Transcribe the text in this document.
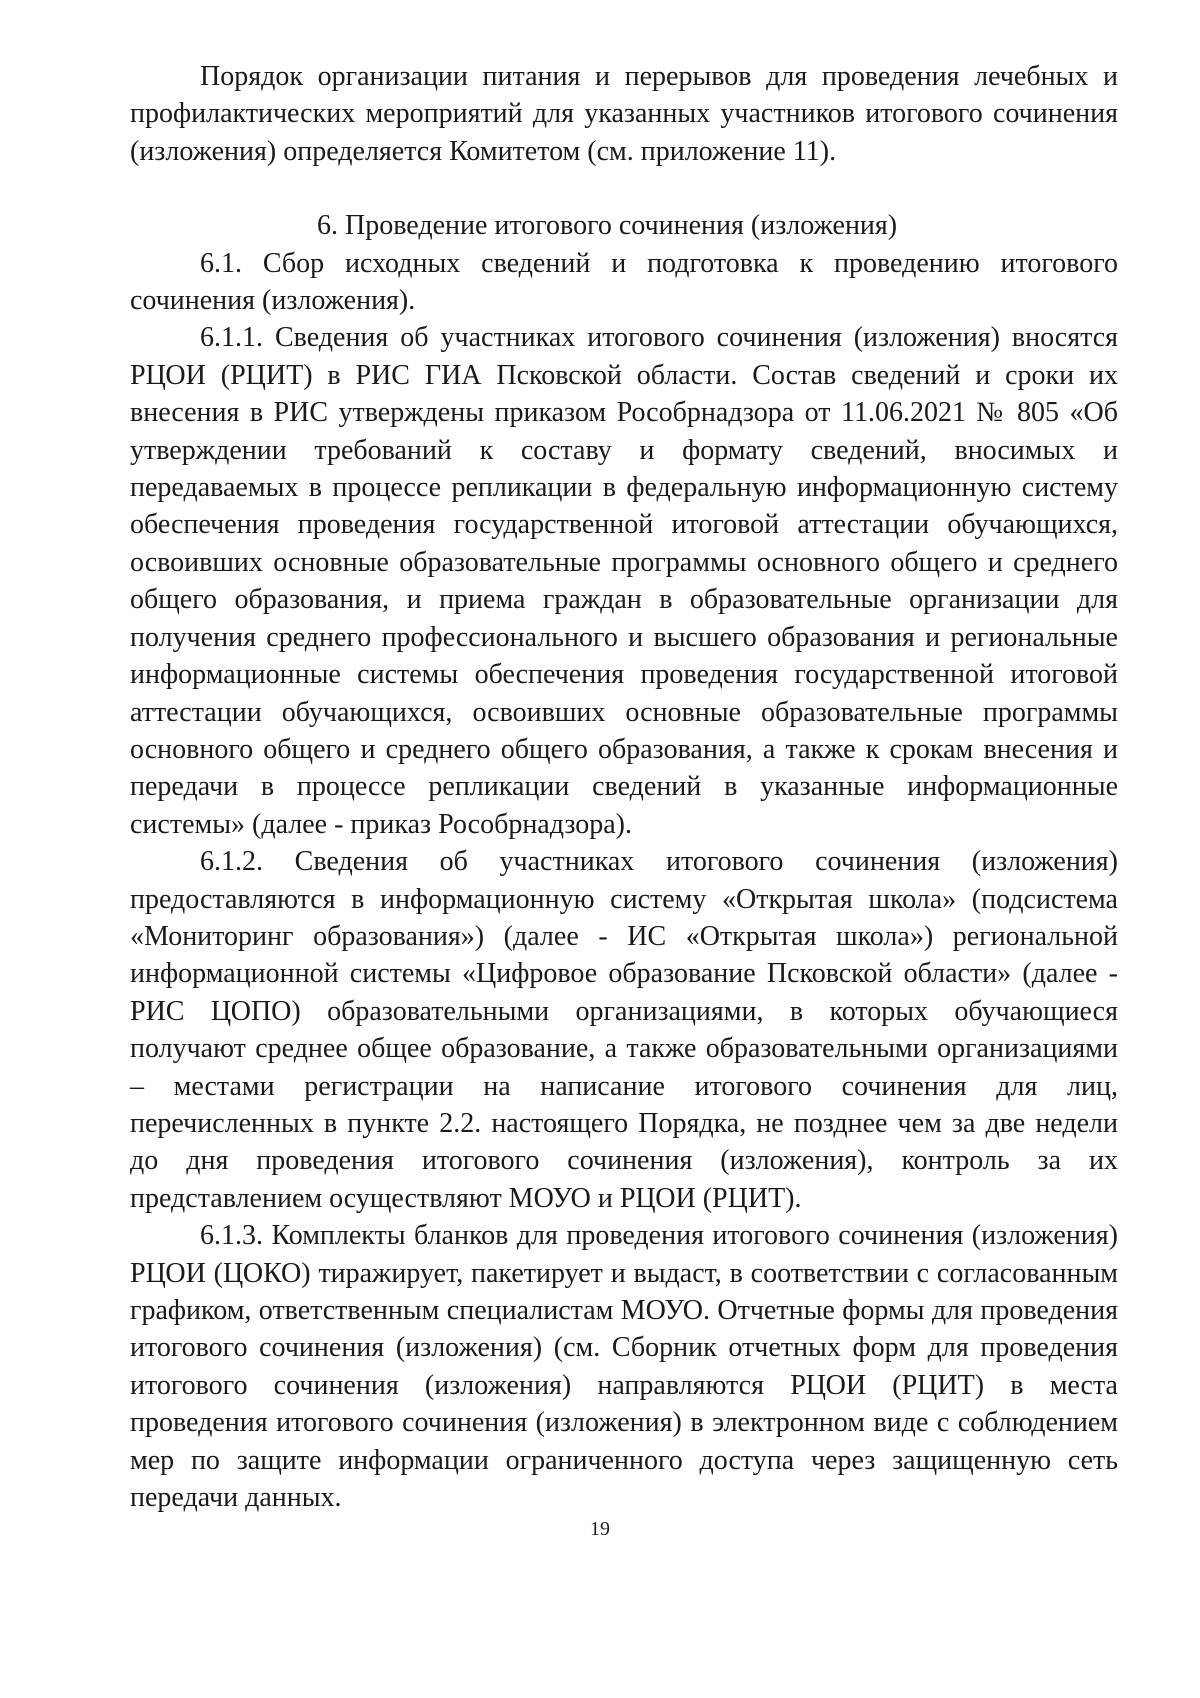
Порядок организации питания и перерывов для проведения лечебных и профилактических мероприятий для указанных участников итогового сочинения (изложения) определяется Комитетом (см. приложение 11).

6. Проведение итогового сочинения (изложения)

6.1. Сбор исходных сведений и подготовка к проведению итогового сочинения (изложения).

6.1.1. Сведения об участниках итогового сочинения (изложения) вносятся РЦОИ (РЦИТ) в РИС ГИА Псковской области. Состав сведений и сроки их внесения в РИС утверждены приказом Рособрнадзора от 11.06.2021 № 805 «Об утверждении требований к составу и формату сведений, вносимых и передаваемых в процессе репликации в федеральную информационную систему обеспечения проведения государственной итоговой аттестации обучающихся, освоивших основные образовательные программы основного общего и среднего общего образования, и приема граждан в образовательные организации для получения среднего профессионального и высшего образования и региональные информационные системы обеспечения проведения государственной итоговой аттестации обучающихся, освоивших основные образовательные программы основного общего и среднего общего образования, а также к срокам внесения и передачи в процессе репликации сведений в указанные информационные системы» (далее - приказ Рособрнадзора).

6.1.2. Сведения об участниках итогового сочинения (изложения) предоставляются в информационную систему «Открытая школа» (подсистема «Мониторинг образования») (далее - ИС «Открытая школа») региональной информационной системы «Цифровое образование Псковской области» (далее - РИС ЦОПО) образовательными организациями, в которых обучающиеся получают среднее общее образование, а также образовательными организациями – местами регистрации на написание итогового сочинения для лиц, перечисленных в пункте 2.2. настоящего Порядка, не позднее чем за две недели до дня проведения итогового сочинения (изложения), контроль за их представлением осуществляют МОУО и РЦОИ (РЦИТ).

6.1.3. Комплекты бланков для проведения итогового сочинения (изложения) РЦОИ (ЦОКО) тиражирует, пакетирует и выдаст, в соответствии с согласованным графиком, ответственным специалистам МОУО. Отчетные формы для проведения итогового сочинения (изложения) (см. Сборник отчетных форм для проведения итогового сочинения (изложения) направляются РЦОИ (РЦИТ) в места проведения итогового сочинения (изложения) в электронном виде с соблюдением мер по защите информации ограниченного доступа через защищенную сеть передачи данных.

19
